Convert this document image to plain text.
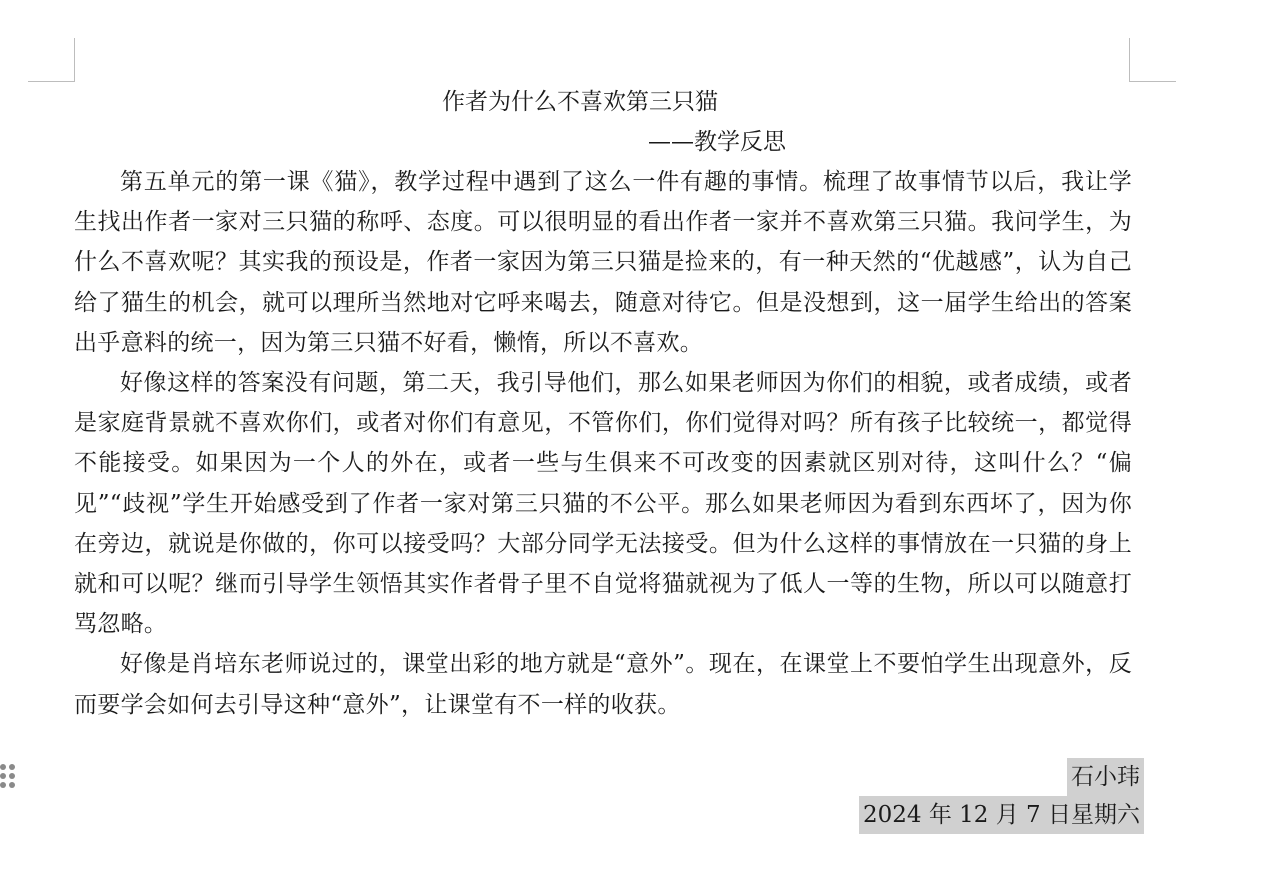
作者为什么不喜欢第三只猫
——教学反思

第五单元的第一课《猫》，教学过程中遇到了这么一件有趣的事情。梳理了故事情节以后，我让学生找出作者一家对三只猫的称呼、态度。可以很明显的看出作者一家并不喜欢第三只猫。我问学生，为什么不喜欢呢？其实我的预设是，作者一家因为第三只猫是捡来的，有一种天然的“优越感”，认为自己给了猫生的机会，就可以理所当然地对它呼来喝去，随意对待它。但是没想到，这一届学生给出的答案出乎意料的统一，因为第三只猫不好看，懒惰，所以不喜欢。

好像这样的答案没有问题，第二天，我引导他们，那么如果老师因为你们的相貌，或者成绩，或者是家庭背景就不喜欢你们，或者对你们有意见，不管你们，你们觉得对吗？所有孩子比较统一，都觉得不能接受。如果因为一个人的外在，或者一些与生俱来不可改变的因素就区别对待，这叫什么？“偏见”“歧视”学生开始感受到了作者一家对第三只猫的不公平。那么如果老师因为看到东西坏了，因为你在旁边，就说是你做的，你可以接受吗？大部分同学无法接受。但为什么这样的事情放在一只猫的身上就和可以呢？继而引导学生领悟其实作者骨子里不自觉将猫就视为了低人一等的生物，所以可以随意打骂忽略。

好像是肖培东老师说过的，课堂出彩的地方就是“意外”。现在，在课堂上不要怕学生出现意外，反而要学会如何去引导这种“意外”，让课堂有不一样的收获。

石小玮
2024 年 12 月 7 日星期六
